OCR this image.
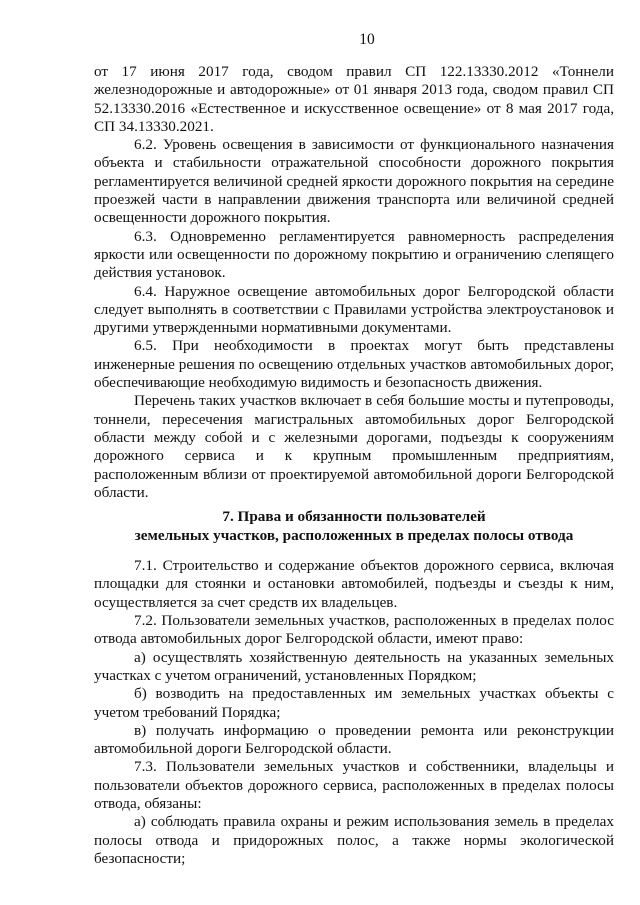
10

от 17 июня 2017 года, сводом правил СП 122.13330.2012 «Тоннели железнодорожные и автодорожные» от 01 января 2013 года, сводом правил СП 52.13330.2016 «Естественное и искусственное освещение» от 8 мая 2017 года, СП 34.13330.2021.

6.2. Уровень освещения в зависимости от функционального назначения объекта и стабильности отражательной способности дорожного покрытия регламентируется величиной средней яркости дорожного покрытия на середине проезжей части в направлении движения транспорта или величиной средней освещенности дорожного покрытия.

6.3. Одновременно регламентируется равномерность распределения яркости или освещенности по дорожному покрытию и ограничению слепящего действия установок.

6.4. Наружное освещение автомобильных дорог Белгородской области следует выполнять в соответствии с Правилами устройства электроустановок и другими утвержденными нормативными документами.

6.5. При необходимости в проектах могут быть представлены инженерные решения по освещению отдельных участков автомобильных дорог, обеспечивающие необходимую видимость и безопасность движения.

Перечень таких участков включает в себя большие мосты и путепроводы, тоннели, пересечения магистральных автомобильных дорог Белгородской области между собой и с железными дорогами, подъезды к сооружениям дорожного сервиса и к крупным промышленным предприятиям, расположенным вблизи от проектируемой автомобильной дороги Белгородской области.

7. Права и обязанности пользователей
земельных участков, расположенных в пределах полосы отвода

7.1. Строительство и содержание объектов дорожного сервиса, включая площадки для стоянки и остановки автомобилей, подъезды и съезды к ним, осуществляется за счет средств их владельцев.

7.2. Пользователи земельных участков, расположенных в пределах полос отвода автомобильных дорог Белгородской области, имеют право:

а) осуществлять хозяйственную деятельность на указанных земельных участках с учетом ограничений, установленных Порядком;

б) возводить на предоставленных им земельных участках объекты с учетом требований Порядка;

в) получать информацию о проведении ремонта или реконструкции автомобильной дороги Белгородской области.

7.3. Пользователи земельных участков и собственники, владельцы и пользователи объектов дорожного сервиса, расположенных в пределах полосы отвода, обязаны:

а) соблюдать правила охраны и режим использования земель в пределах полосы отвода и придорожных полос, а также нормы экологической безопасности;
